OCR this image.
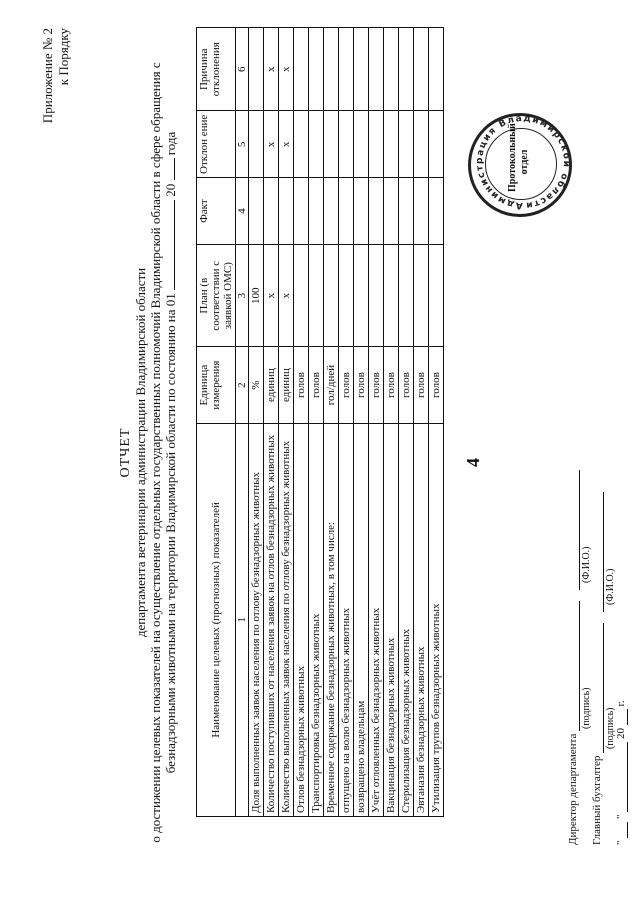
4
Приложение № 2 к Порядку
ОТЧЕТ департамента ветеринарии администрации Владимирской области о достижении целевых показателей на осуществление отдельных государственных полномочий Владимирской области в сфере обращения с безнадзорными животными на территории Владимирской области по состоянию на 01  20  года
Наименование целевых (прогнозных) показателей	Единица измерения	План (в соответствии с заявкой ОМС)	Факт	Отклон ение	Причина отклонения
1	2	3	4	5	6
Доля выполненных заявок населения по отлову безнадзорных животных	%	100			
Количество поступивших от населения заявок на отлов безнадзорных животных	единиц	х		х	х
Количество выполненных заявок населения по отлову безнадзорных животных	единиц	х		х	х
Отлов безнадзорных животных	голов				
Транспортировка безнадзорных животных	голов				
Временное содержание безнадзорных животных, в том числе:	гол/дней				
отпущено на волю безнадзорных животных	голов				
возвращено владельцам	голов				
Учёт отловленных безнадзорных животных	голов				
Вакцинация безнадзорных животных	голов				
Стерилизация безнадзорных животных	голов				
Эвтаназия безнадзорных животных	голов				
Утилизация трупов безнадзорных животных	голов				
Директор департамента
(подпись)
(Ф.И.О.)
Главный бухгалтер
(подпись)
(Ф.И.О.)
"  "  20  г.
Администрация Владимирской области
Протокольный отдел
